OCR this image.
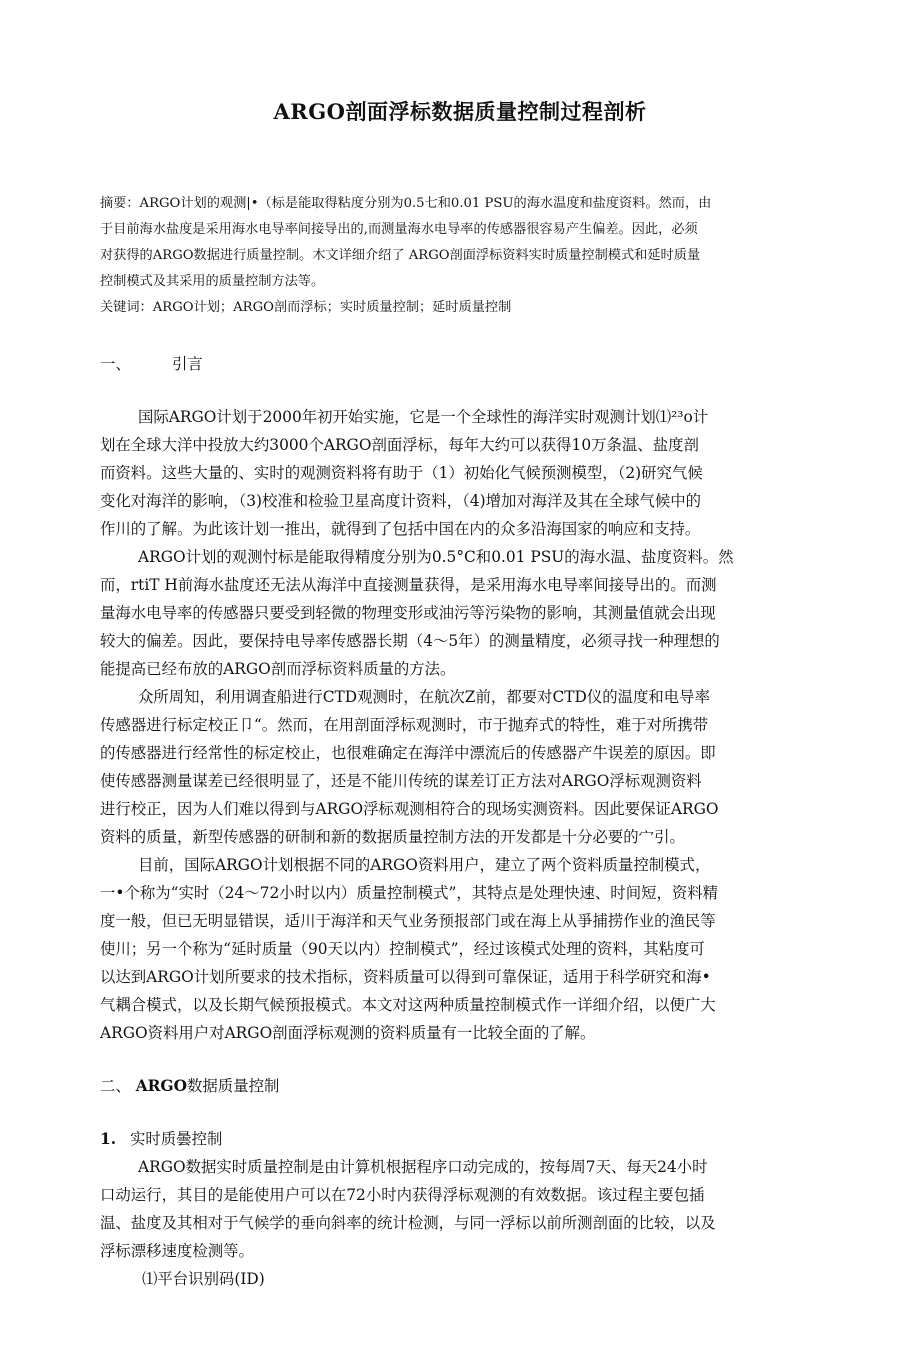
ARGO剖面浮标数据质量控制过程剖析
摘要：ARGO计划的观测|•（标是能取得粘度分别为0.5七和0.01 PSU的海水温度和盐度资料。然而，由
于目前海水盐度是采用海水电导率间接导出的,而测量海水电导率的传感器很容易产生偏差。因此，必须
对获得的ARGO数据进行质量控制。木文详细介绍了 ARGO剖面浮标资料实时质量控制模式和延时质量
控制模式及其采用的质量控制方法等。
关键词：ARGO计划；ARGO剖而浮标；实时质量控制；延时质量控制
一、	引言
国际ARGO计划于2000年初开始实施，它是一个全球性的海洋实时观测计划⑴²³o计
划在全球大洋中投放大约3000个ARGO剖面浮标，每年大约可以获得10万条温、盐度剖
而资料。这些大量的、实时的观测资料将有助于（1）初始化气候预测模型，（2)研究气候
变化对海洋的影响，（3)校准和检验卫星高度计资料，（4)增加对海洋及其在全球气候中的
作川的了解。为此该计划一推出，就得到了包括中国在内的众多沿海国家的响应和支持。
ARGO计划的观测忖标是能取得精度分别为0.5°C和0.01 PSU的海水温、盐度资料。然
而，rtiT H前海水盐度还无法从海洋中直接测量获得，是采用海水电导率间接导出的。而测
量海水电导率的传感器只要受到轻微的物理变形或油污等污染物的影响，其测量值就会出现
较大的偏差。因此，要保持电导率传感器长期（4〜5年）的测量精度，必须寻找一种理想的
能提高已经布放的ARGO剖而浮标资料质量的方法。
众所周知，利用调査船进行CTD观测时，在航次Z前，都要对CTD仪的温度和电导率
传感器进行标定校正卩“。然而，在用剖面浮标观测时，市于抛弃式的特性，难于对所携带
的传感器进行经常性的标定校止，也很难确定在海洋中漂流后的传感器产牛误差的原因。即
使传感器测量谋差已经很明显了，还是不能川传统的谋差订正方法对ARGO浮标观测资料
进行校正，因为人们难以得到与ARGO浮标观测相符合的现场实测资料。因此要保证ARGO
资料的质量，新型传感器的研制和新的数据质量控制方法的开发都是十分必要的宀引。
目前，国际ARGO计划根据不同的ARGO资料用户，建立了两个资料质量控制模式，
一•个称为“实时（24〜72小时以内）质量控制模式”，其特点是处理快速、时间短，资料精
度一般，但已无明显错误，适川于海洋和天气业务预报部门或在海上从爭捕捞作业的渔民等
使川；另一个称为“延时质量（90天以内）控制模式”，经过该模式处理的资料，其粘度可
以达到ARGO计划所要求的技术指标，资料质量可以得到可靠保证，适用于科学研究和海•
气耦合模式，以及长期气候预报模式。本文对这两种质量控制模式作一详细介绍，以便广大
ARGO资料用户对ARGO剖面浮标观测的资料质量有一比较全面的了解。
二、 ARGO数据质量控制
1. 实时质曇控制
ARGO数据实时质量控制是由计算机根据程序口动完成的，按每周7天、每天24小时
口动运行，其目的是能使用户可以在72小时内获得浮标观测的有效数据。该过程主要包插
温、盐度及其相对于气候学的垂向斜率的统计检测，与同一浮标以前所测剖面的比较，以及
浮标漂移速度检测等。
⑴平台识别码(ID)
